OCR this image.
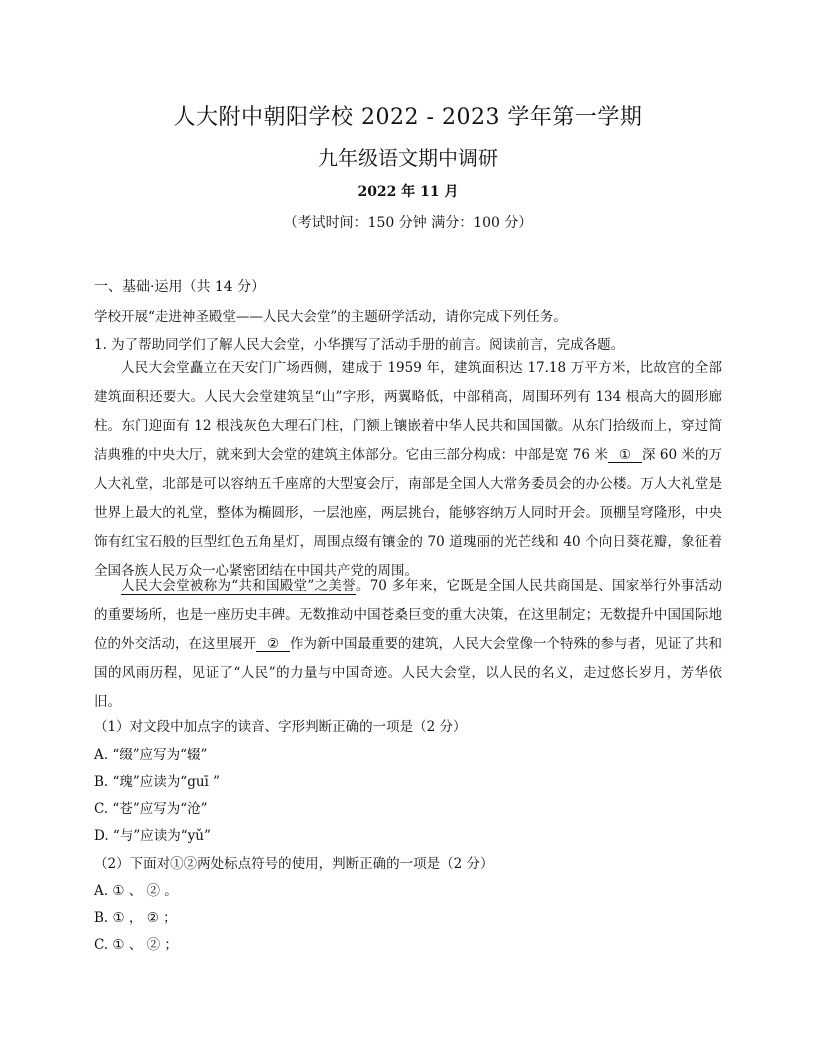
人大附中朝阳学校 2022 - 2023 学年第一学期
九年级语文期中调研
2022 年 11 月
（考试时间：150 分钟 满分：100 分）
一、基础·运用（共 14 分）
学校开展“走进神圣殿堂——人民大会堂”的主题研学活动，请你完成下列任务。
1. 为了帮助同学们了解人民大会堂，小华撰写了活动手册的前言。阅读前言，完成各题。
人民大会堂矗立在天安门广场西侧，建成于 1959 年，建筑面积达 17.18 万平方米，比故宫的全部建筑面积还要大。人民大会堂建筑呈“山”字形，两翼略低，中部稍高，周围环列有 134 根高大的圆形廊柱。东门迎面有 12 根浅灰色大理石门柱，门额上镶嵌着中华人民共和国国徽。从东门拾级而上，穿过简洁典雅的中央大厅，就来到大会堂的建筑主体部分。它由三部分构成：中部是宽 76 米 ① 深 60 米的万人大礼堂，北部是可以容纳五千座席的大型宴会厅，南部是全国人大常务委员会的办公楼。万人大礼堂是世界上最大的礼堂，整体为椭圆形，一层池座，两层挑台，能够容纳万人同时开会。顶棚呈穹隆形，中央饰有红宝石般的巨型红色五角星灯，周围点缀有镶金的 70 道瑰丽的光芒线和 40 个向日葵花瓣，象征着全国各族人民万众一心紧密团结在中国共产党的周围。
人民大会堂被称为“共和国殿堂”之美誉。70 多年来，它既是全国人民共商国是、国家举行外事活动的重要场所，也是一座历史丰碑。无数推动中国苍桑巨变的重大决策，在这里制定；无数提升中国国际地位的外交活动，在这里展开 ② 作为新中国最重要的建筑，人民大会堂像一个特殊的参与者，见证了共和国的风雨历程，见证了“人民”的力量与中国奇迹。人民大会堂，以人民的名义，走过悠长岁月，芳华依旧。
（1）对文段中加点字的读音、字形判断正确的一项是（2 分）
A. “缀”应写为“辍”
B. “瑰”应读为“guī ”
C. “苍”应写为“沧”
D. “与”应读为“yǔ”
（2）下面对①②两处标点符号的使用，判断正确的一项是（2 分）
A. ① 、 ② 。
B. ① ， ② ；
C. ① 、 ② ；
